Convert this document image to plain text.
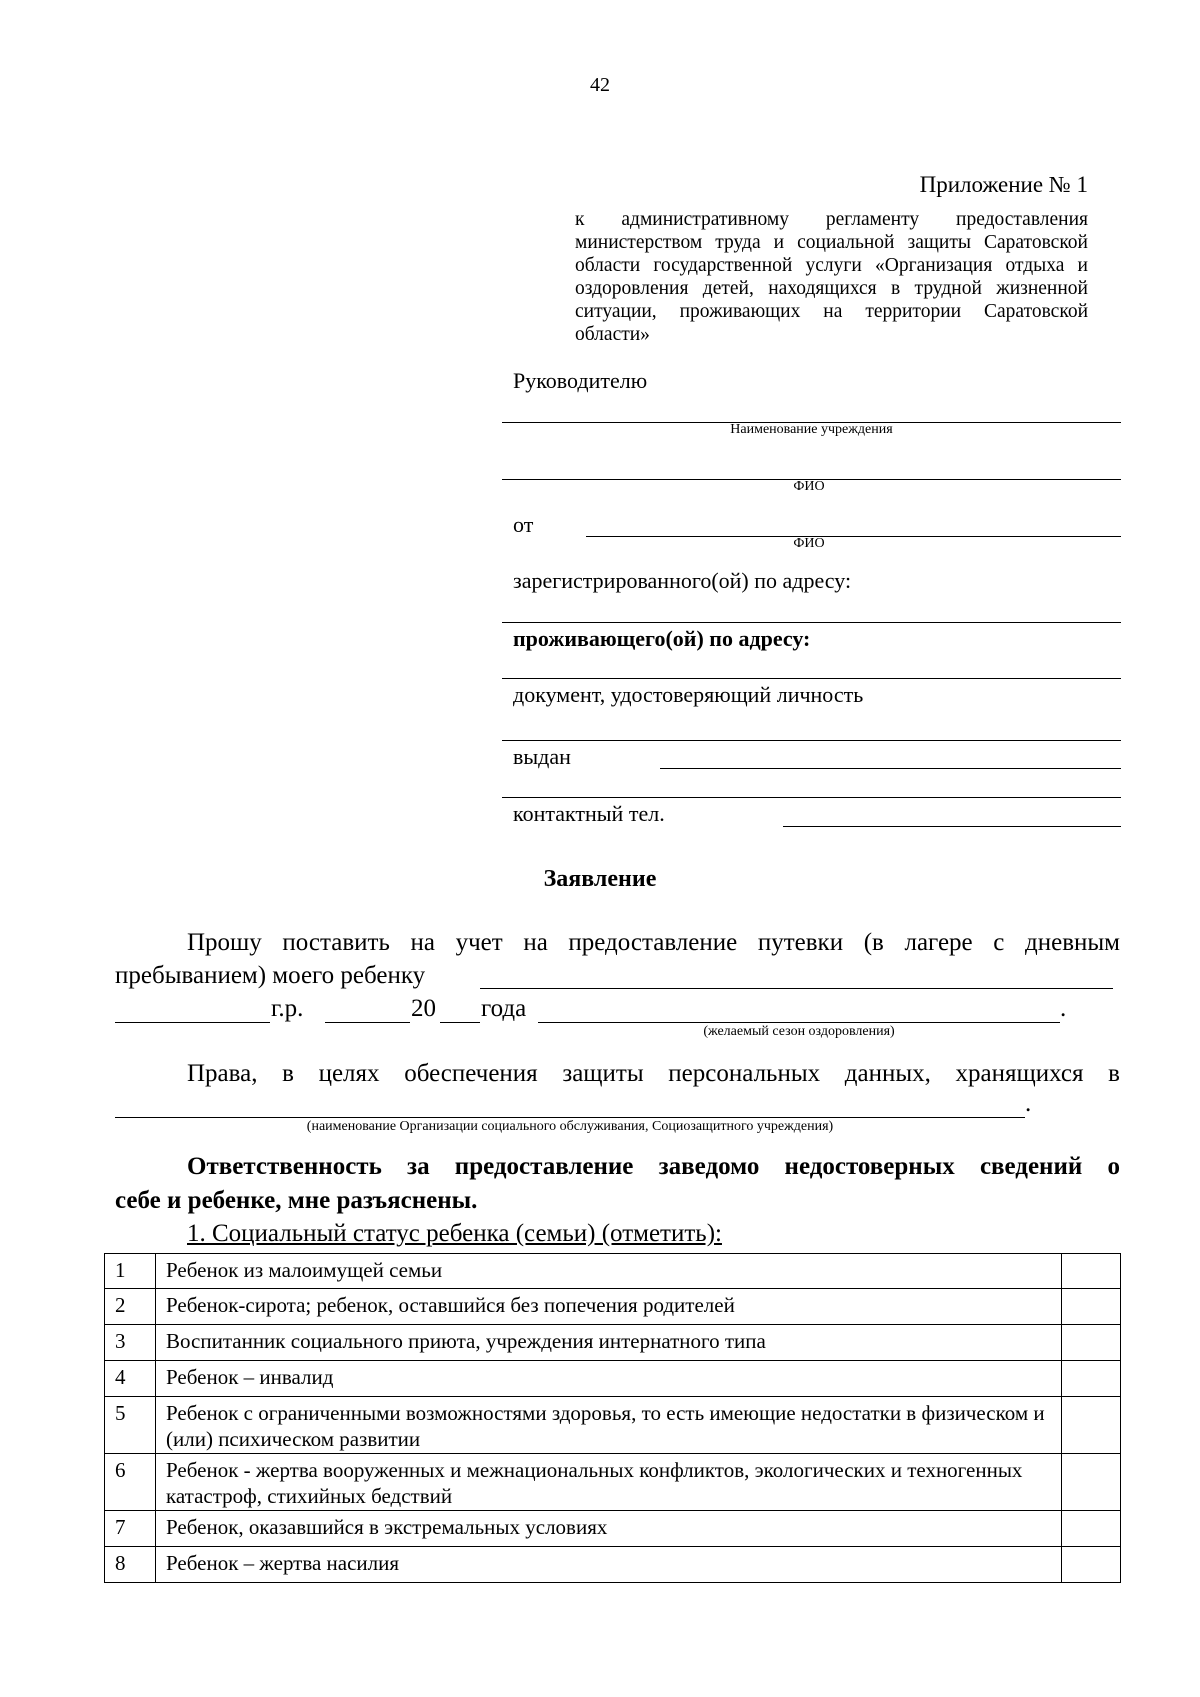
42
Приложение № 1
к административному регламенту предоставления
министерством труда и социальной защиты Саратовской
области государственной услуги «Организация отдыха и
оздоровления детей, находящихся в трудной жизненной
ситуации, проживающих на территории Саратовской области»
Руководителю
Наименование учреждения
ФИО
от
ФИО
зарегистрированного(ой) по адресу:
проживающего(ой) по адресу:
документ, удостоверяющий личность
выдан
контактный тел.
Заявление
Прошу поставить на учет на предоставление путевки (в лагере с дневным
пребыванием) моего ребенку
г.р.	20 года	.
(желаемый сезон оздоровления)
Права, в целях обеспечения защиты персональных данных, хранящихся в
.
(наименование Организации социального обслуживания, Социозащитного учреждения)
Ответственность за предоставление заведомо недостоверных сведений о
себе и ребенке, мне разъяснены.
1. Социальный статус ребенка (семьи) (отметить):
1	Ребенок из малоимущей семьи	
2	Ребенок-сирота; ребенок, оставшийся без попечения родителей	
3	Воспитанник социального приюта, учреждения интернатного типа	
4	Ребенок – инвалид	
5	Ребенок с ограниченными возможностями здоровья, то есть имеющие недостатки в физическом и (или) психическом развитии	
6	Ребенок - жертва вооруженных и межнациональных конфликтов, экологических и техногенных катастроф, стихийных бедствий	
7	Ребенок, оказавшийся в экстремальных условиях	
8	Ребенок – жертва насилия	
